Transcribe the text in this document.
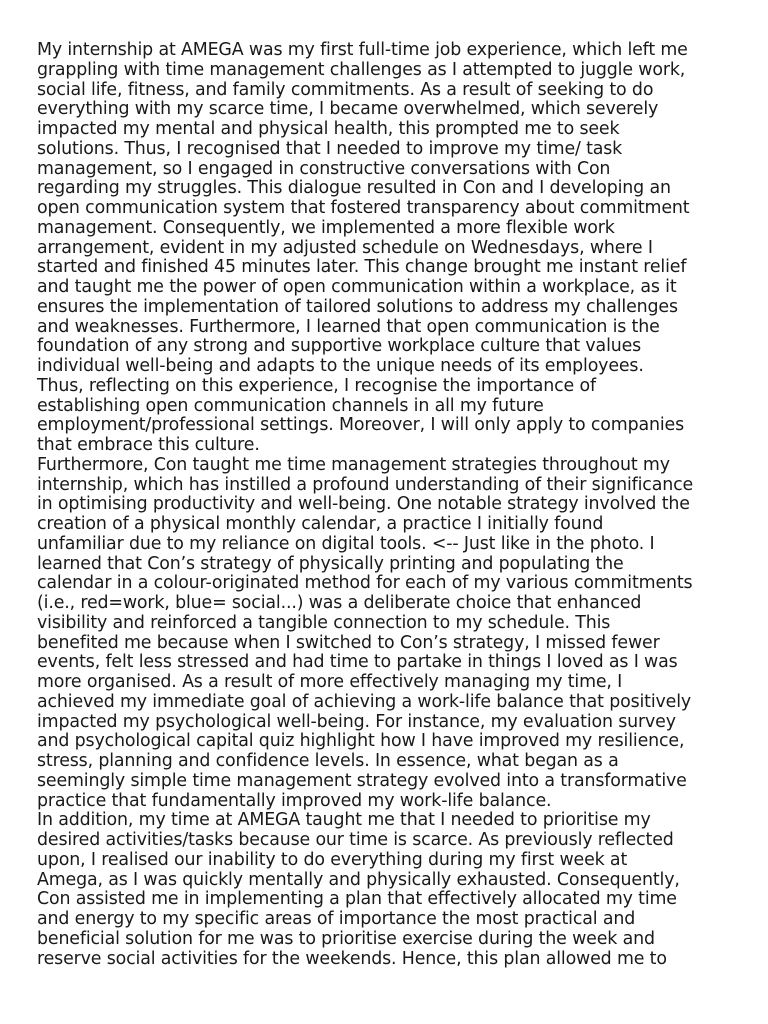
My internship at AMEGA was my first full-time job experience, which left me
grappling with time management challenges as I attempted to juggle work,
social life, fitness, and family commitments. As a result of seeking to do
everything with my scarce time, I became overwhelmed, which severely
impacted my mental and physical health, this prompted me to seek
solutions. Thus, I recognised that I needed to improve my time/ task
management, so I engaged in constructive conversations with Con
regarding my struggles. This dialogue resulted in Con and I developing an
open communication system that fostered transparency about commitment
management. Consequently, we implemented a more flexible work
arrangement, evident in my adjusted schedule on Wednesdays, where I
started and finished 45 minutes later. This change brought me instant relief
and taught me the power of open communication within a workplace, as it
ensures the implementation of tailored solutions to address my challenges
and weaknesses. Furthermore, I learned that open communication is the
foundation of any strong and supportive workplace culture that values
individual well-being and adapts to the unique needs of its employees.
Thus, reflecting on this experience, I recognise the importance of
establishing open communication channels in all my future
employment/professional settings. Moreover, I will only apply to companies
that embrace this culture.
Furthermore, Con taught me time management strategies throughout my
internship, which has instilled a profound understanding of their significance
in optimising productivity and well-being. One notable strategy involved the
creation of a physical monthly calendar, a practice I initially found
unfamiliar due to my reliance on digital tools. <-- Just like in the photo. I
learned that Con’s strategy of physically printing and populating the
calendar in a colour-originated method for each of my various commitments
(i.e., red=work, blue= social...) was a deliberate choice that enhanced
visibility and reinforced a tangible connection to my schedule. This
benefited me because when I switched to Con’s strategy, I missed fewer
events, felt less stressed and had time to partake in things I loved as I was
more organised. As a result of more effectively managing my time, I
achieved my immediate goal of achieving a work-life balance that positively
impacted my psychological well-being. For instance, my evaluation survey
and psychological capital quiz highlight how I have improved my resilience,
stress, planning and confidence levels. In essence, what began as a
seemingly simple time management strategy evolved into a transformative
practice that fundamentally improved my work-life balance.
In addition, my time at AMEGA taught me that I needed to prioritise my
desired activities/tasks because our time is scarce. As previously reflected
upon, I realised our inability to do everything during my first week at
Amega, as I was quickly mentally and physically exhausted. Consequently,
Con assisted me in implementing a plan that effectively allocated my time
and energy to my specific areas of importance the most practical and
beneficial solution for me was to prioritise exercise during the week and
reserve social activities for the weekends. Hence, this plan allowed me to
